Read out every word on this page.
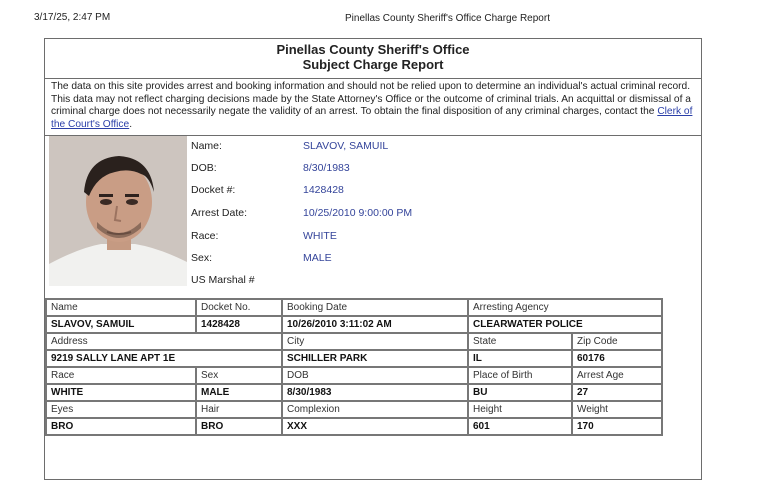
3/17/25, 2:47 PM	Pinellas County Sheriff's Office Charge Report
Pinellas County Sheriff's Office
Subject Charge Report
The data on this site provides arrest and booking information and should not be relied upon to determine an individual's actual criminal record. This data may not reflect charging decisions made by the State Attorney's Office or the outcome of criminal trials. An acquittal or dismissal of a criminal charge does not necessarily negate the validity of an arrest. To obtain the final disposition of any criminal charges, contact the Clerk of the Court's Office.
Name:	SLAVOV, SAMUIL
DOB:	8/30/1983
Docket #:	1428428
Arrest Date:	10/25/2010 9:00:00 PM
Race:	WHITE
Sex:	MALE
US Marshal #
Name	Docket No.	Booking Date	Arresting Agency	
SLAVOV, SAMUIL	1428428	10/26/2010 3:11:02 AM	CLEARWATER POLICE	
Address		City	State	Zip Code
9219 SALLY LANE APT 1E		SCHILLER PARK	IL	60176
Race	Sex	DOB	Place of Birth	Arrest Age
WHITE	MALE	8/30/1983	BU	27
Eyes	Hair	Complexion	Height	Weight
BRO	BRO	XXX	601	170
